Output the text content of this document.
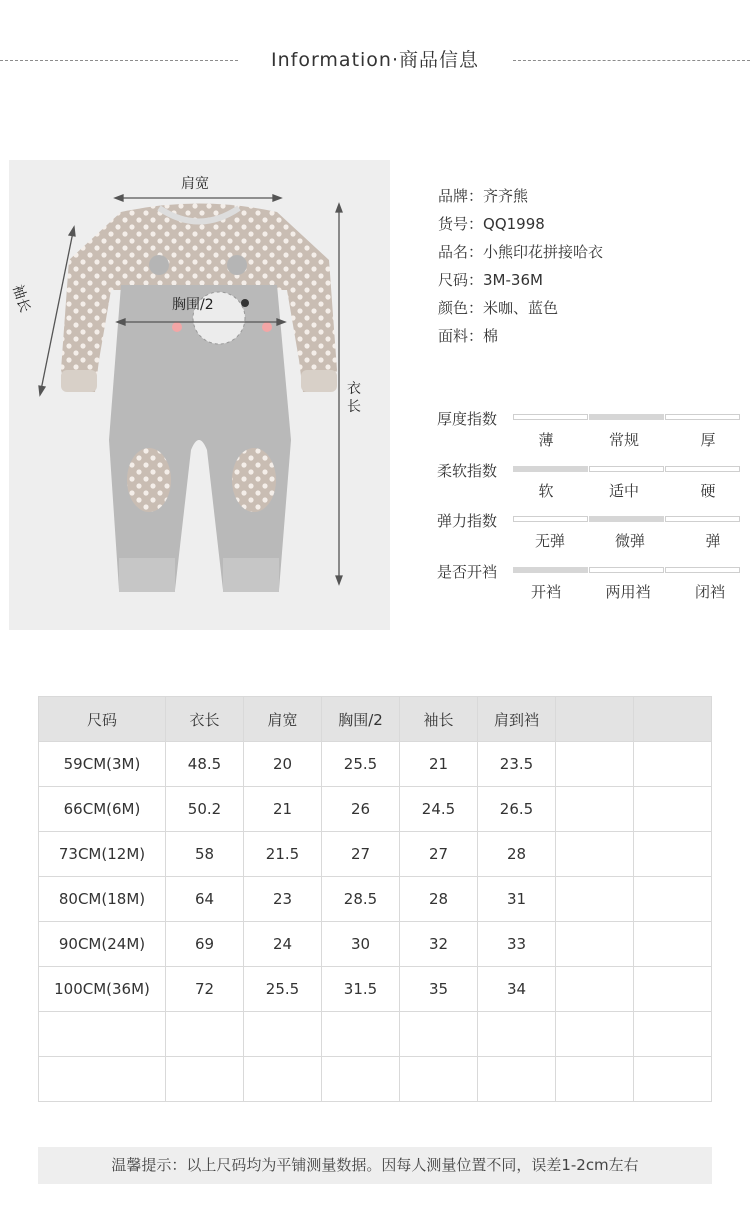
Information·商品信息
肩宽
袖长	胸围/2
衣
长
品牌：齐齐熊
货号：QQ1998
品名：小熊印花拼接哈衣
尺码：3M-36M
颜色：米咖、蓝色
面料：棉
厚度指数
薄	常规	厚
柔软指数
软	适中	硬
弹力指数
无弹	微弹	弹
是否开裆
开裆	两用裆	闭裆
尺码	衣长	肩宽	胸围/2	袖长	肩到裆		
59CM(3M)	48.5	20	25.5	21	23.5		
66CM(6M)	50.2	21	26	24.5	26.5		
73CM(12M)	58	21.5	27	27	28		
80CM(18M)	64	23	28.5	28	31		
90CM(24M)	69	24	30	32	33		
100CM(36M)	72	25.5	31.5	35	34		

温馨提示：以上尺码均为平铺测量数据。因每人测量位置不同，误差1-2cm左右
